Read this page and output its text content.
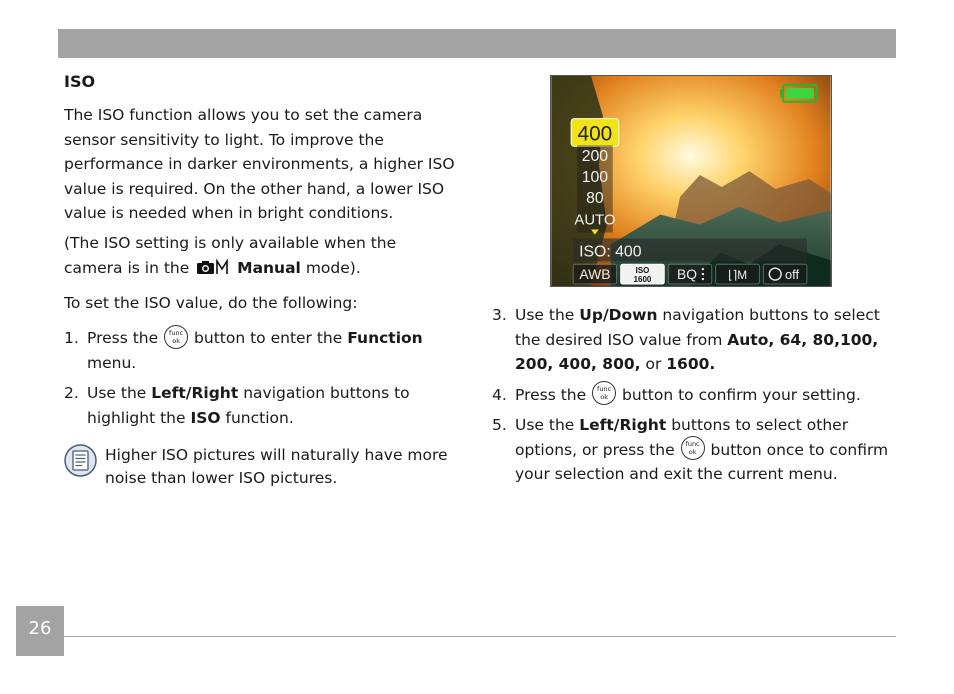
ISO

The ISO function allows you to set the camera sensor sensitivity to light. To improve the performance in darker environments, a higher ISO value is required. On the other hand, a lower ISO value is needed when in bright conditions.

(The ISO setting is only available when the camera is in the	Manual mode).

To set the ISO value, do the following:

1. Press the	func
ok button to enter the Function menu.
2. Use the Left/Right navigation buttons to highlight the ISO function.
Higher ISO pictures will naturally have more noise than lower ISO pictures.
400
200
100
80
AUTO
ISO: 400
AWB	ISO
1600 BQ	⌊⌉M	off
3. Use the Up/Down navigation buttons to select the desired ISO value from Auto, 64, 80,100, 200, 400, 800, or 1600.
4. Press the	func
ok button to confirm your setting.
5. Use the Left/Right buttons to select other options, or press the	func
ok button once to confirm your selection and exit the current menu.
26
